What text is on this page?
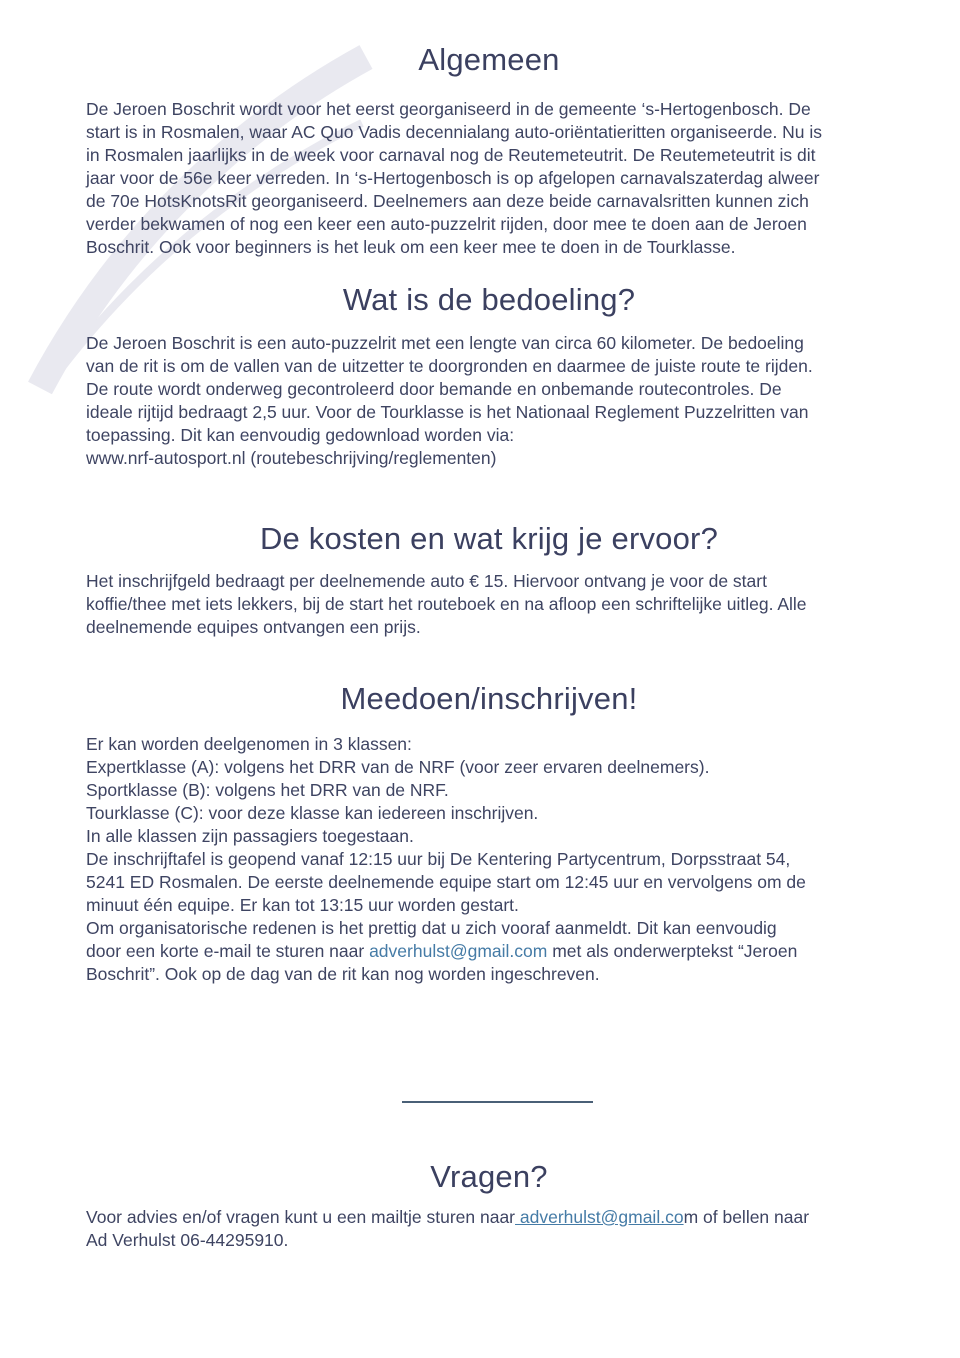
Algemeen
De Jeroen Boschrit wordt voor het eerst georganiseerd in de gemeente ‘s-Hertogenbosch. De
start is in Rosmalen, waar AC Quo Vadis decennialang auto-oriëntatieritten organiseerde. Nu is
in Rosmalen jaarlijks in de week voor carnaval nog de Reutemeteutrit. De Reutemeteutrit is dit
jaar voor de 56e keer verreden. In ‘s-Hertogenbosch is op afgelopen carnavalszaterdag alweer
de 70e HotsKnotsRit georganiseerd. Deelnemers aan deze beide carnavalsritten kunnen zich
verder bekwamen of nog een keer een auto-puzzelrit rijden, door mee te doen aan de Jeroen
Boschrit. Ook voor beginners is het leuk om een keer mee te doen in de Tourklasse.
Wat is de bedoeling?
De Jeroen Boschrit is een auto-puzzelrit met een lengte van circa 60 kilometer. De bedoeling
van de rit is om de vallen van de uitzetter te doorgronden en daarmee de juiste route te rijden.
De route wordt onderweg gecontroleerd door bemande en onbemande routecontroles. De
ideale rijtijd bedraagt 2,5 uur. Voor de Tourklasse is het Nationaal Reglement Puzzelritten van
toepassing. Dit kan eenvoudig gedownload worden via:
www.nrf-autosport.nl (routebeschrijving/reglementen)
De kosten en wat krijg je ervoor?
Het inschrijfgeld bedraagt per deelnemende auto € 15. Hiervoor ontvang je voor de start
koffie/thee met iets lekkers, bij de start het routeboek en na afloop een schriftelijke uitleg. Alle
deelnemende equipes ontvangen een prijs.
Meedoen/inschrijven!
Er kan worden deelgenomen in 3 klassen:
Expertklasse (A): volgens het DRR van de NRF (voor zeer ervaren deelnemers).
Sportklasse (B): volgens het DRR van de NRF.
Tourklasse (C): voor deze klasse kan iedereen inschrijven.
In alle klassen zijn passagiers toegestaan.
De inschrijftafel is geopend vanaf 12:15 uur bij De Kentering Partycentrum, Dorpsstraat 54,
5241 ED Rosmalen. De eerste deelnemende equipe start om 12:45 uur en vervolgens om de
minuut één equipe. Er kan tot 13:15 uur worden gestart.
Om organisatorische redenen is het prettig dat u zich vooraf aanmeldt. Dit kan eenvoudig
door een korte e-mail te sturen naar adverhulst@gmail.com met als onderwerptekst “Jeroen
Boschrit”. Ook op de dag van de rit kan nog worden ingeschreven.
Vragen?
Voor advies en/of vragen kunt u een mailtje sturen naar adverhulst@gmail.com of bellen naar
Ad Verhulst 06-44295910.
